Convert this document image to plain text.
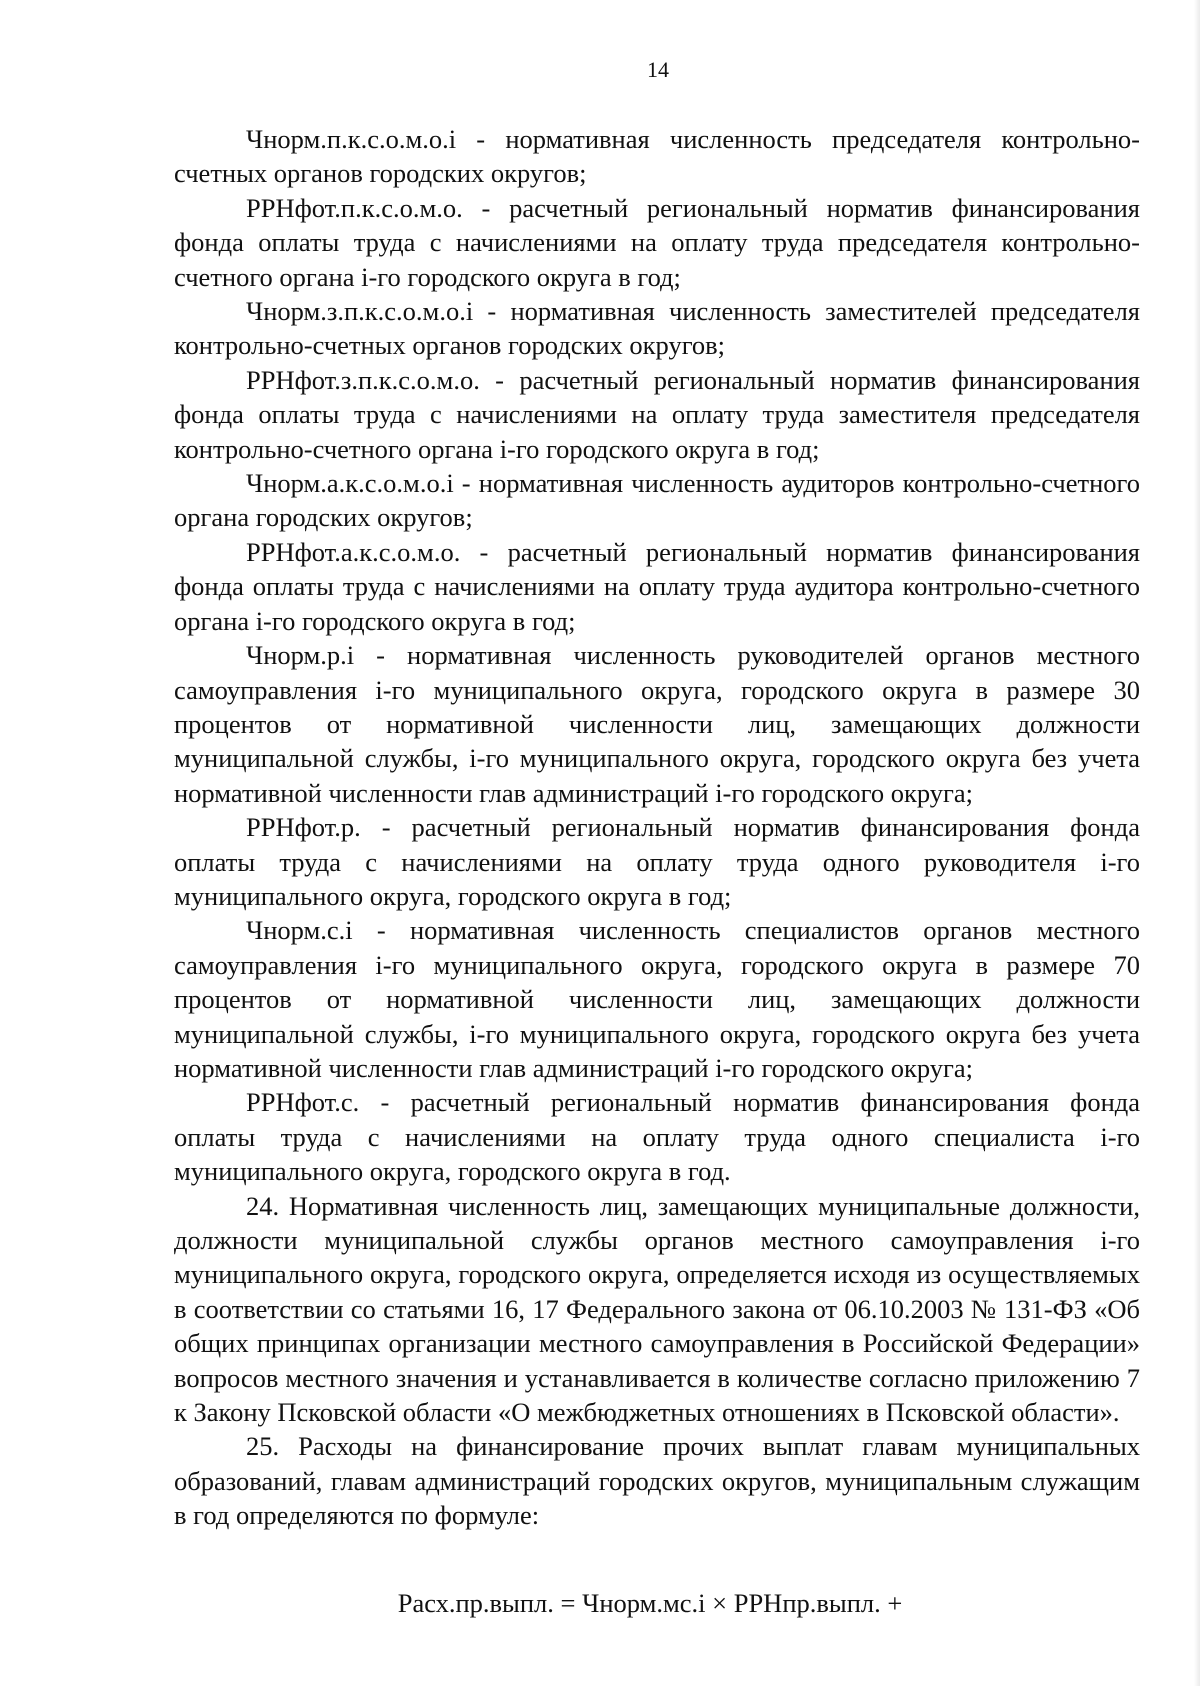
14

Чнорм.п.к.с.о.м.о.i - нормативная численность председателя контрольно-счетных органов городских округов;

РРНфот.п.к.с.о.м.о. - расчетный региональный норматив финансирования фонда оплаты труда с начислениями на оплату труда председателя контрольно-счетного органа i-го городского округа в год;

Чнорм.з.п.к.с.о.м.о.i - нормативная численность заместителей председателя контрольно-счетных органов городских округов;

РРНфот.з.п.к.с.о.м.о. - расчетный региональный норматив финансирования фонда оплаты труда с начислениями на оплату труда заместителя председателя контрольно-счетного органа i-го городского округа в год;

Чнорм.а.к.с.о.м.о.i - нормативная численность аудиторов контрольно-счетного органа городских округов;

РРНфот.а.к.с.о.м.о. - расчетный региональный норматив финансирования фонда оплаты труда с начислениями на оплату труда аудитора контрольно-счетного органа i-го городского округа в год;

Чнорм.р.i - нормативная численность руководителей органов местного самоуправления i-го муниципального округа, городского округа в размере 30 процентов от нормативной численности лиц, замещающих должности муниципальной службы, i-го муниципального округа, городского округа без учета нормативной численности глав администраций i-го городского округа;

РРНфот.р. - расчетный региональный норматив финансирования фонда оплаты труда с начислениями на оплату труда одного руководителя i-го муниципального округа, городского округа в год;

Чнорм.с.i - нормативная численность специалистов органов местного самоуправления i-го муниципального округа, городского округа в размере 70 процентов от нормативной численности лиц, замещающих должности муниципальной службы, i-го муниципального округа, городского округа без учета нормативной численности глав администраций i-го городского округа;

РРНфот.с. - расчетный региональный норматив финансирования фонда оплаты труда с начислениями на оплату труда одного специалиста i-го муниципального округа, городского округа в год.

24. Нормативная численность лиц, замещающих муниципальные должности, должности муниципальной службы органов местного самоуправления i-го муниципального округа, городского округа, определяется исходя из осуществляемых в соответствии со статьями 16, 17 Федерального закона от 06.10.2003 № 131-ФЗ «Об общих принципах организации местного самоуправления в Российской Федерации» вопросов местного значения и устанавливается в количестве согласно приложению 7 к Закону Псковской области «О межбюджетных отношениях в Псковской области».

25. Расходы на финансирование прочих выплат главам муниципальных образований, главам администраций городских округов, муниципальным служащим в год определяются по формуле:

Расх.пр.выпл. = Чнорм.мс.i × РРНпр.выпл. +
